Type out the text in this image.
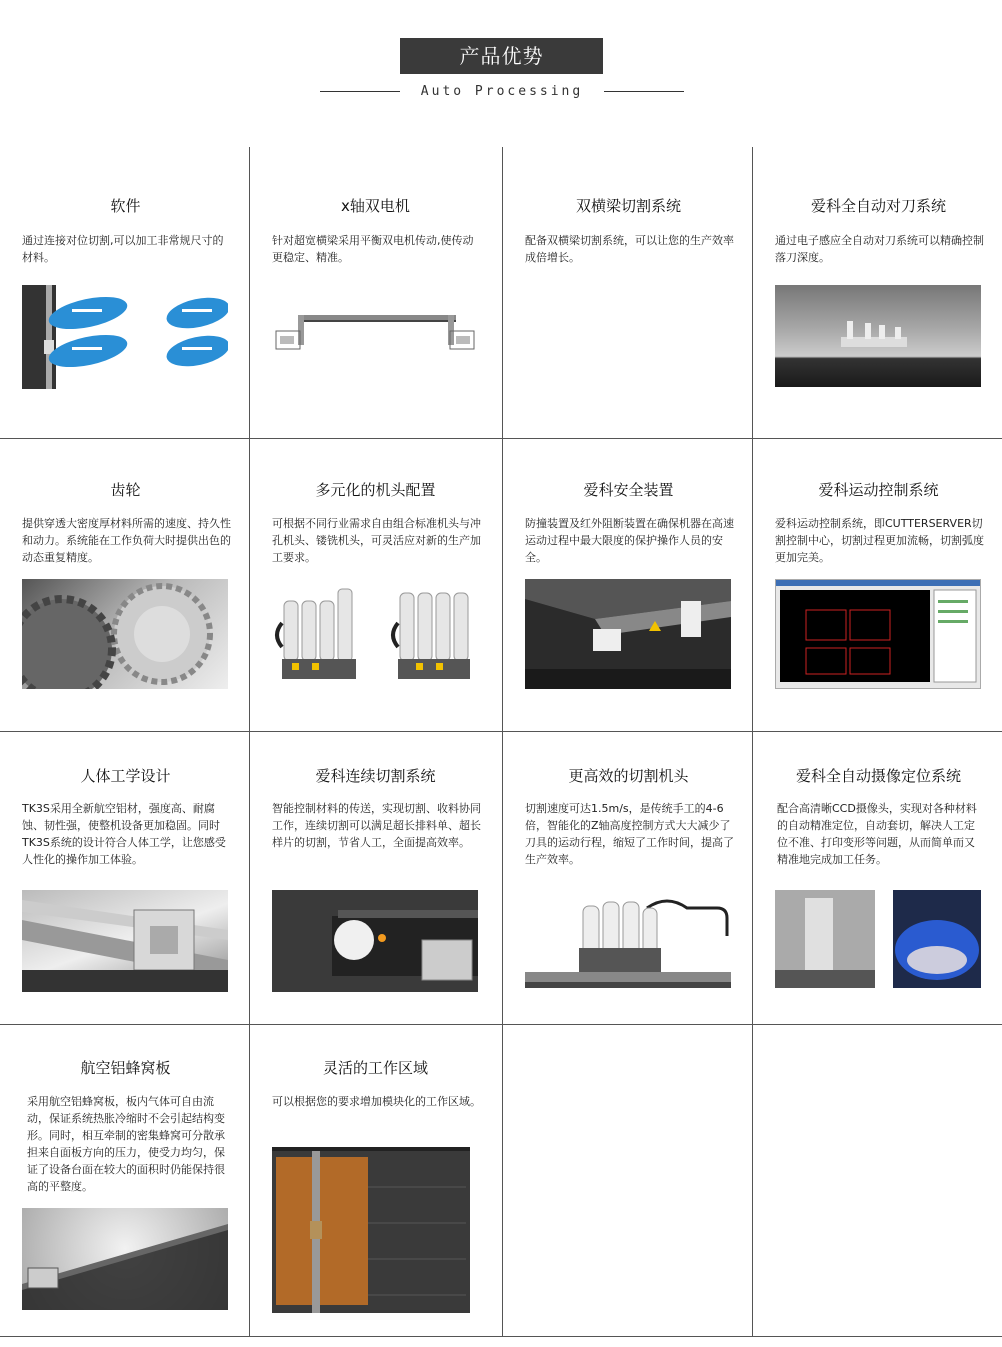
产品优势
Auto Processing
软件

通过连接对位切割,可以加工非常规尺寸的材料。

x轴双电机

针对超宽横梁采用平衡双电机传动,使传动更稳定、精准。

双横梁切割系统

配备双横梁切割系统，可以让您的生产效率成倍增长。

爱科全自动对刀系统

通过电子感应全自动对刀系统可以精确控制落刀深度。

齿轮

提供穿透大密度厚材料所需的速度、持久性和动力。系统能在工作负荷大时提供出色的动态重复精度。

多元化的机头配置

可根据不同行业需求自由组合标准机头与冲孔机头、镂铣机头，可灵活应对新的生产加工要求。

爱科安全装置

防撞装置及红外阻断装置在确保机器在高速运动过程中最大限度的保护操作人员的安全。

爱科运动控制系统

爱科运动控制系统，即CUTTERSERVER切割控制中心，切割过程更加流畅，切割弧度更加完美。

人体工学设计

TK3S采用全新航空铝材，强度高、耐腐蚀、韧性强，使整机设备更加稳固。同时TK3S系统的设计符合人体工学，让您感受人性化的操作加工体验。

爱科连续切割系统

智能控制材料的传送，实现切割、收料协同工作，连续切割可以满足超长排料单、超长样片的切割，节省人工，全面提高效率。

更高效的切割机头

切割速度可达1.5m/s，是传统手工的4-6倍，智能化的Z轴高度控制方式大大减少了刀具的运动行程，缩短了工作时间，提高了生产效率。

爱科全自动摄像定位系统

配合高清晰CCD摄像头，实现对各种材料的自动精准定位，自动套切，解决人工定位不准、打印变形等问题，从而简单而又精准地完成加工任务。

航空铝蜂窝板

采用航空铝蜂窝板，板内气体可自由流动，保证系统热胀冷缩时不会引起结构变形。同时，相互牵制的密集蜂窝可分散承担来自面板方向的压力，使受力均匀，保证了设备台面在较大的面积时仍能保持很高的平整度。

灵活的工作区域

可以根据您的要求增加模块化的工作区域。
